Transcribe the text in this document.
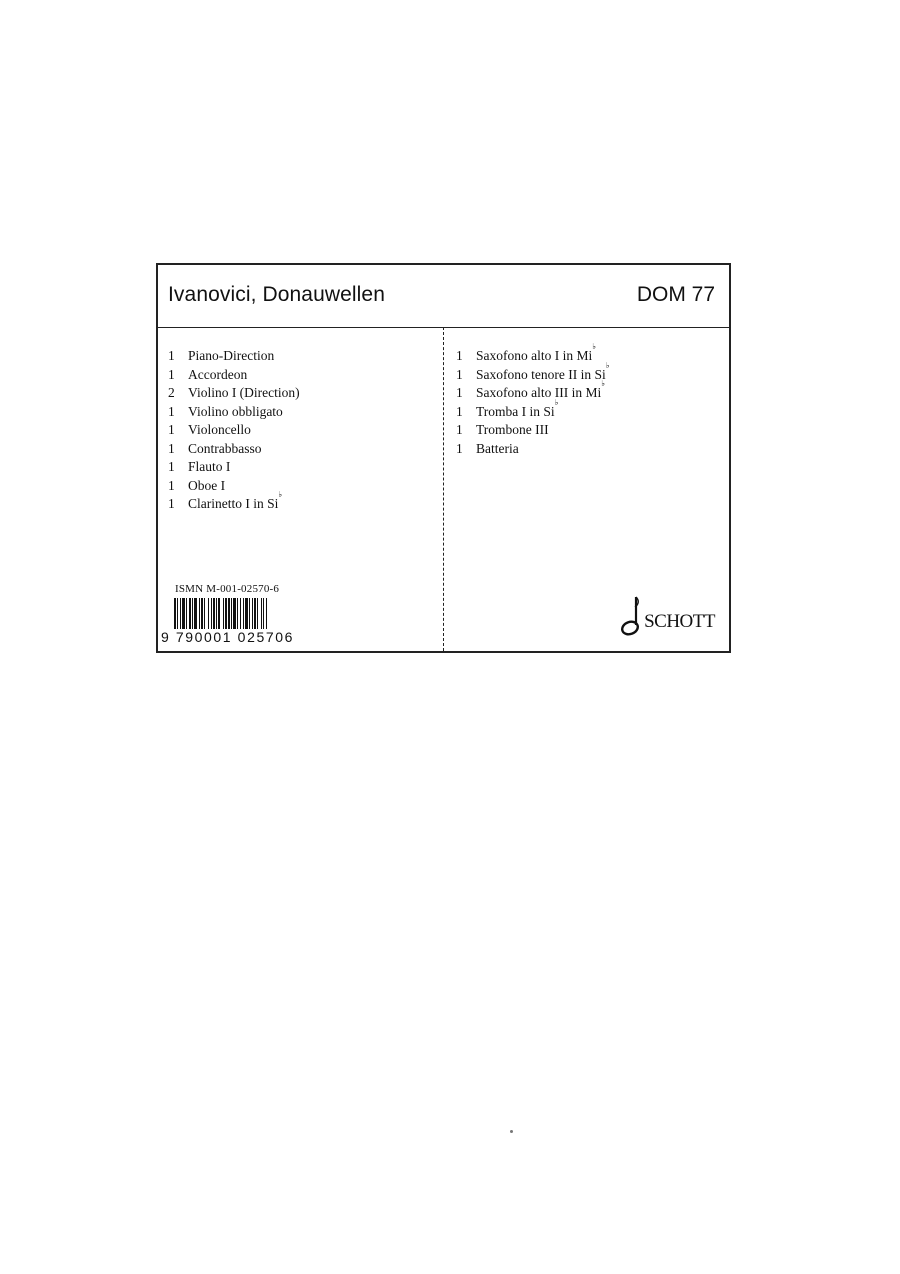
Ivanovici, Donauwellen	DOM 77
1 Piano-Direction
1 Accordeon
2 Violino I (Direction)
1 Violino obbligato
1 Violoncello
1 Contrabbasso
1 Flauto I
1 Oboe I
1 Clarinetto I in Si
♭
1 Saxofono alto I in Mi
♭
1 Saxofono tenore II in Si
♭
1 Saxofono alto III in Mi
♭
1 Tromba I in Si
♭
1 Trombone III
1 Batteria
ISMN M-001-02570-6
9 790001 025706
SCHOTT
